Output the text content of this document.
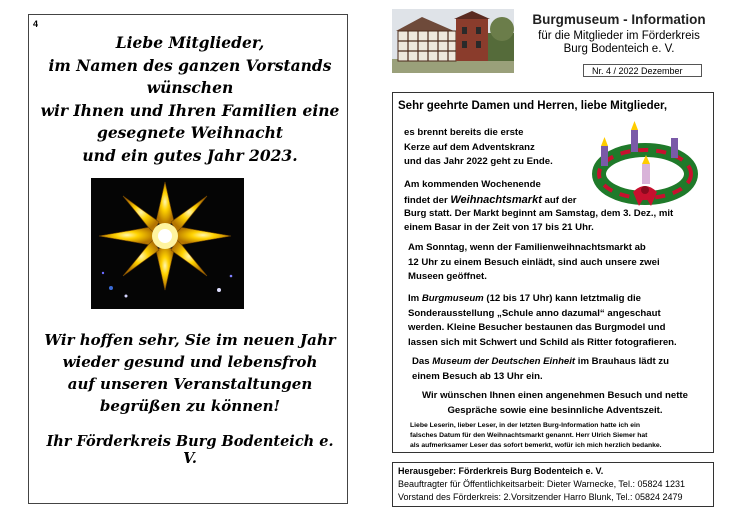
4
Liebe Mitglieder,
im Namen des ganzen Vorstands
wünschen
wir Ihnen und Ihren Familien eine
gesegnete Weihnacht
und ein gutes Jahr 2023.
Wir hoffen sehr, Sie im neuen Jahr
wieder gesund und lebensfroh
auf unseren Veranstaltungen
begrüßen zu können!
Ihr Förderkreis Burg Bodenteich e. V.
Burgmuseum - Information
für die Mitglieder im Förderkreis
Burg Bodenteich e. V.
Nr. 4 / 2022 Dezember
Sehr geehrte Damen und Herren, liebe Mitglieder,
es brennt bereits die erste
Kerze auf dem Adventskranz
und das Jahr 2022 geht zu Ende.
Am kommenden Wochenende
findet der Weihnachtsmarkt auf der
Burg statt. Der Markt beginnt am Samstag, dem 3. Dez., mit
einem Basar in der Zeit von 17 bis 21 Uhr.
Am Sonntag, wenn der Familienweihnachtsmarkt ab
12 Uhr zu einem Besuch einlädt, sind auch unsere zwei
Museen geöffnet.
Im Burgmuseum (12 bis 17 Uhr) kann letztmalig die
Sonderausstellung „Schule anno dazumal“ angeschaut
werden. Kleine Besucher bestaunen das Burgmodel und
lassen sich mit Schwert und Schild als Ritter fotografieren.
Das Museum der Deutschen Einheit im Brauhaus lädt zu
einem Besuch ab 13 Uhr ein.
Wir wünschen Ihnen einen angenehmen Besuch und nette
Gespräche sowie eine besinnliche Adventszeit.
Liebe Leserin, lieber Leser, in der letzten Burg-Information hatte ich ein
falsches Datum für den Weihnachtsmarkt genannt. Herr Ulrich Siemer hat
als aufmerksamer Leser das sofort bemerkt, wofür ich mich herzlich bedanke.
Herausgeber: Förderkreis Burg Bodenteich e. V.
Beauftragter für Öffentlichkeitsarbeit: Dieter Warnecke, Tel.: 05824 1231
Vorstand des Förderkreis: 2.Vorsitzender Harro Blunk, Tel.: 05824 2479
